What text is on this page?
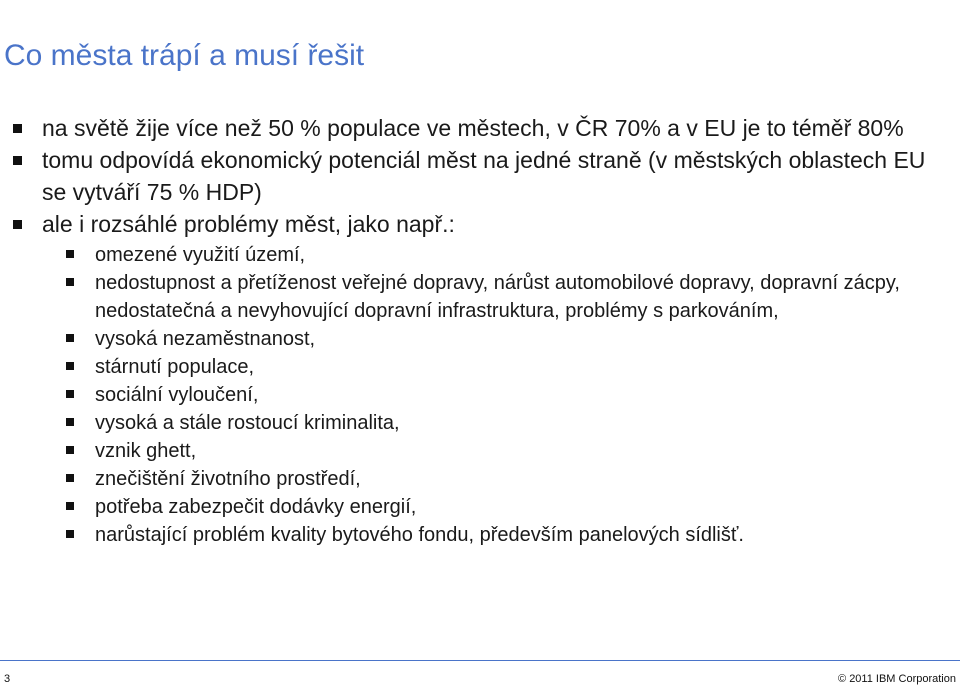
Co města trápí a musí řešit
na světě žije více než 50 % populace ve městech, v ČR 70% a v EU je to téměř 80%
tomu odpovídá ekonomický potenciál měst na jedné straně (v městských oblastech EU se vytváří 75 % HDP)
ale i rozsáhlé problémy měst, jako např.:
omezené využití území,
nedostupnost a přetíženost veřejné dopravy, nárůst automobilové dopravy, dopravní zácpy, nedostatečná a nevyhovující dopravní infrastruktura, problémy s parkováním,
vysoká nezaměstnanost,
stárnutí populace,
sociální vyloučení,
vysoká a stále rostoucí kriminalita,
vznik ghett,
znečištění životního prostředí,
potřeba zabezpečit dodávky energií,
narůstající problém kvality bytového fondu, především panelových sídlišť.
3	© 2011 IBM Corporation
